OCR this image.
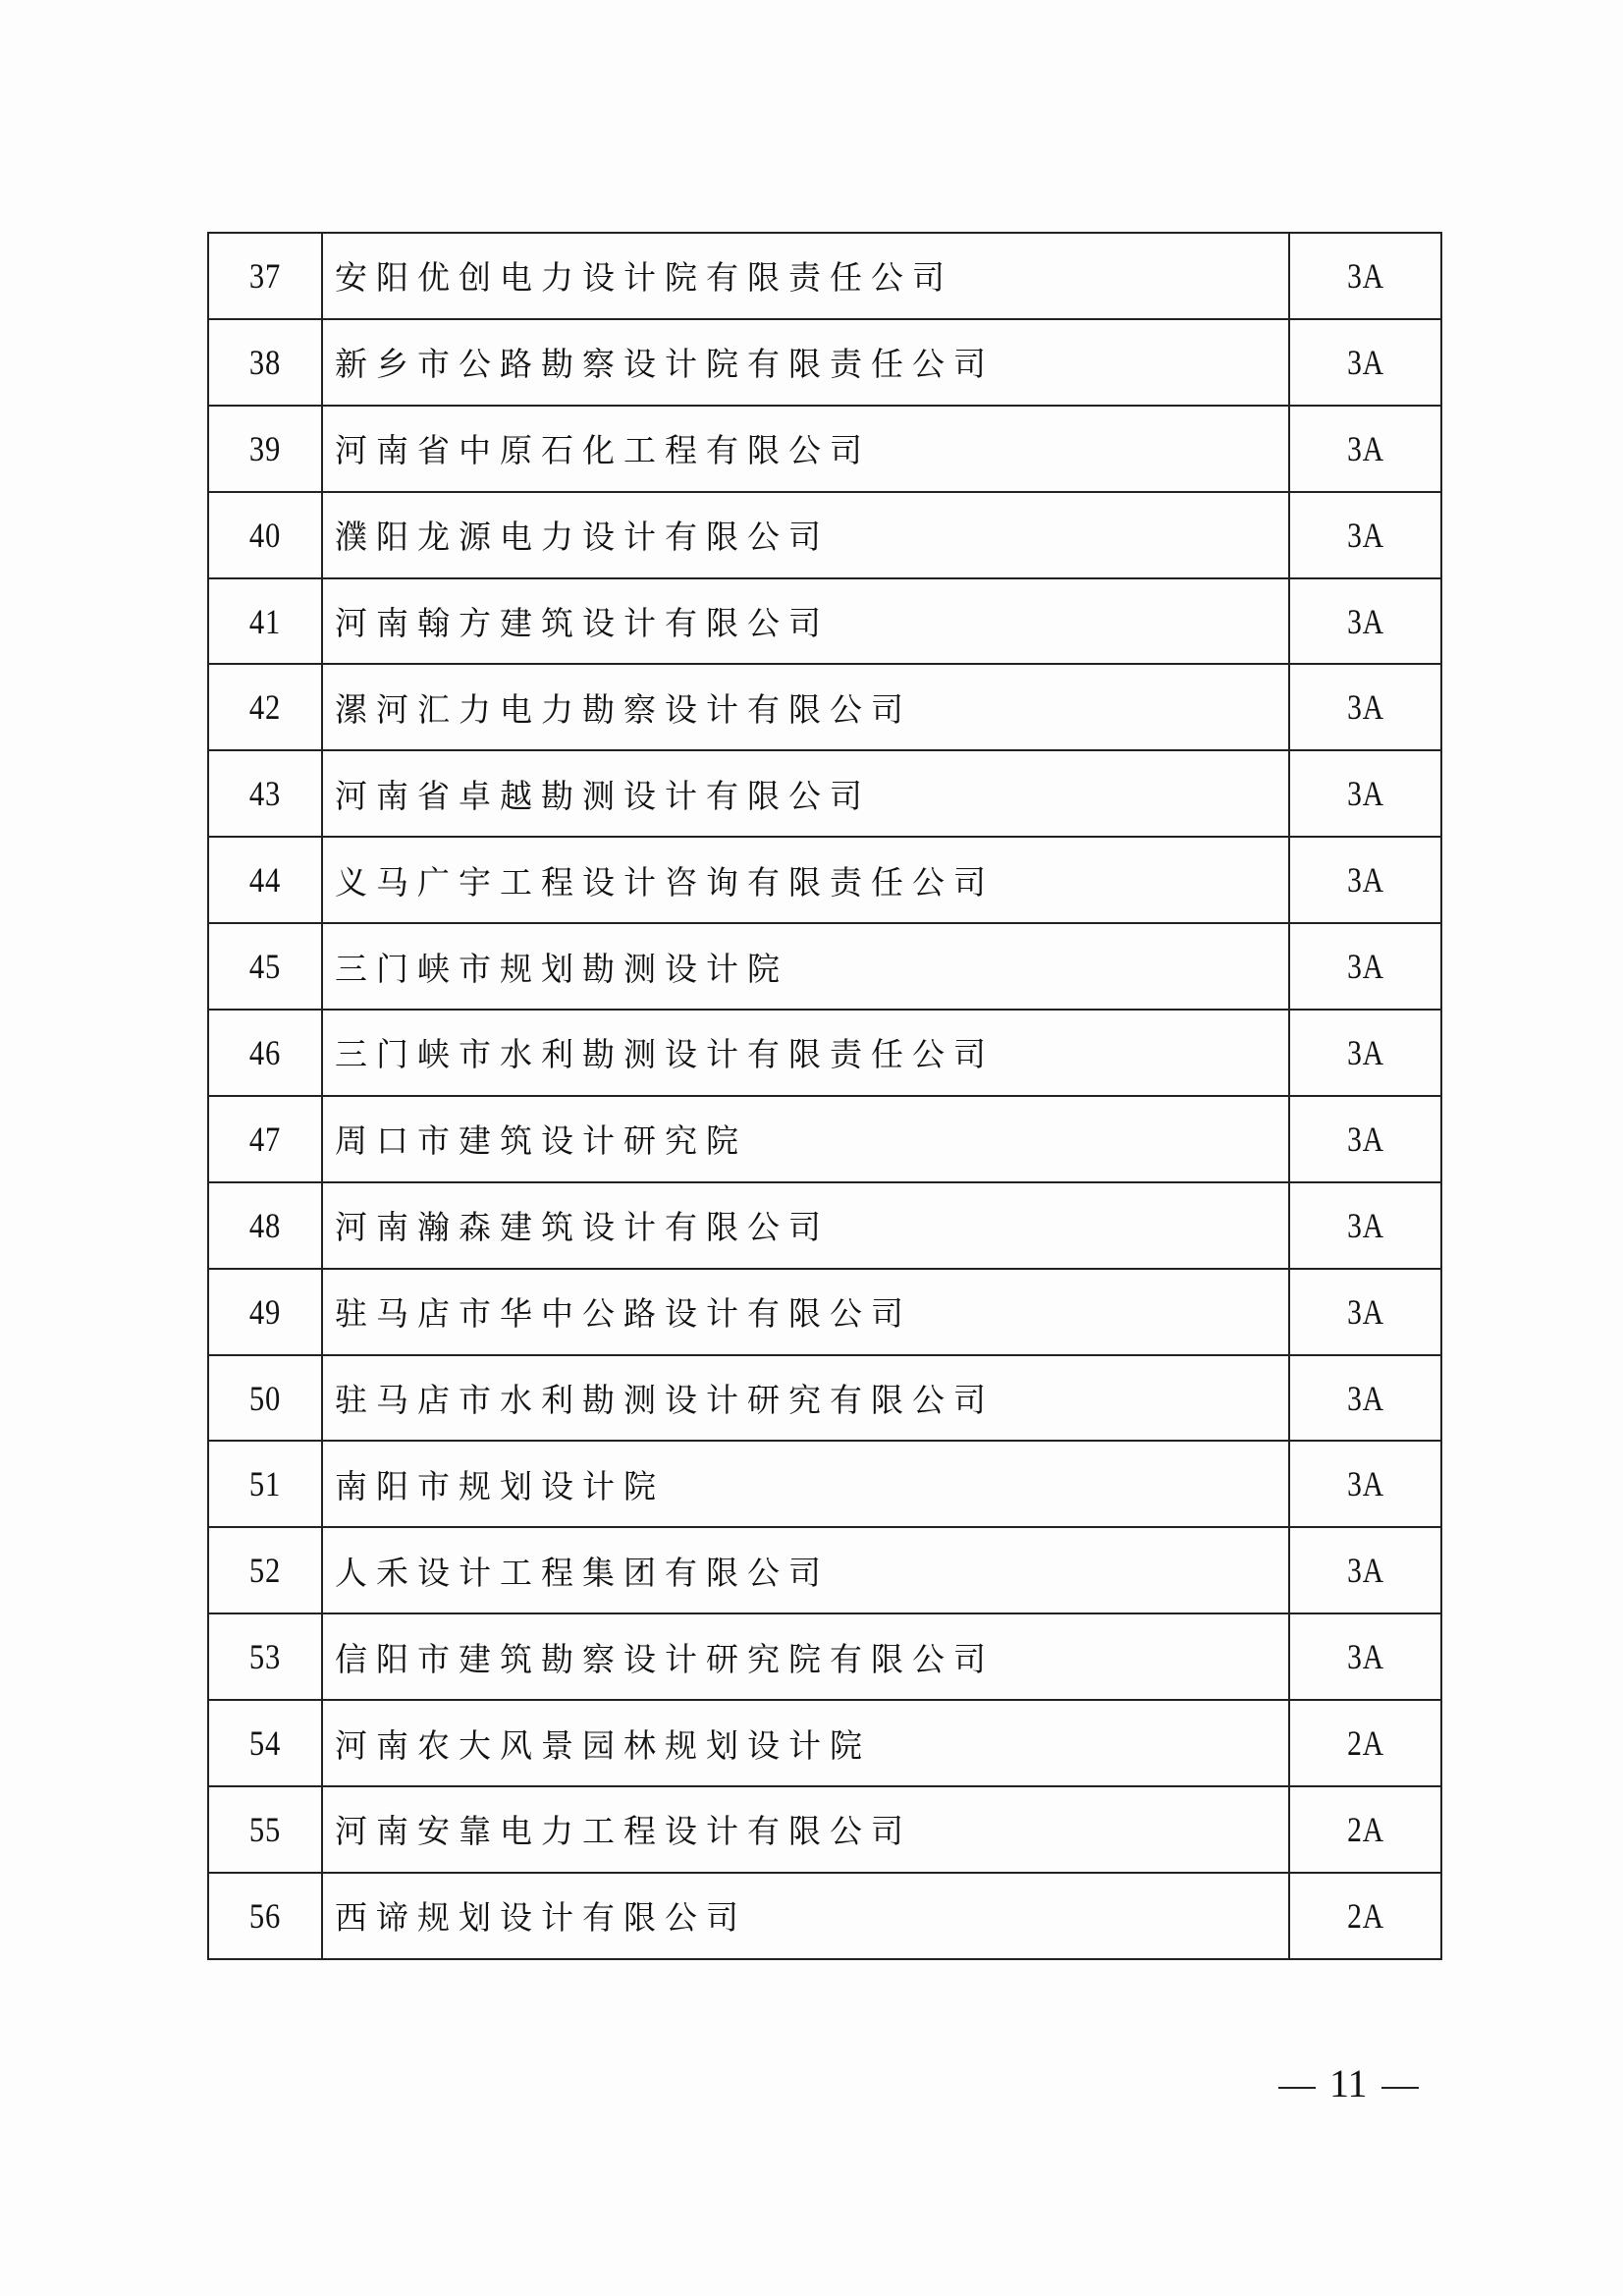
37	安阳优创电力设计院有限责任公司	3A
38	新乡市公路勘察设计院有限责任公司	3A
39	河南省中原石化工程有限公司	3A
40	濮阳龙源电力设计有限公司	3A
41	河南翰方建筑设计有限公司	3A
42	漯河汇力电力勘察设计有限公司	3A
43	河南省卓越勘测设计有限公司	3A
44	义马广宇工程设计咨询有限责任公司	3A
45	三门峡市规划勘测设计院	3A
46	三门峡市水利勘测设计有限责任公司	3A
47	周口市建筑设计研究院	3A
48	河南瀚森建筑设计有限公司	3A
49	驻马店市华中公路设计有限公司	3A
50	驻马店市水利勘测设计研究有限公司	3A
51	南阳市规划设计院	3A
52	人禾设计工程集团有限公司	3A
53	信阳市建筑勘察设计研究院有限公司	3A
54	河南农大风景园林规划设计院	2A
55	河南安靠电力工程设计有限公司	2A
56	西谛规划设计有限公司	2A
11
